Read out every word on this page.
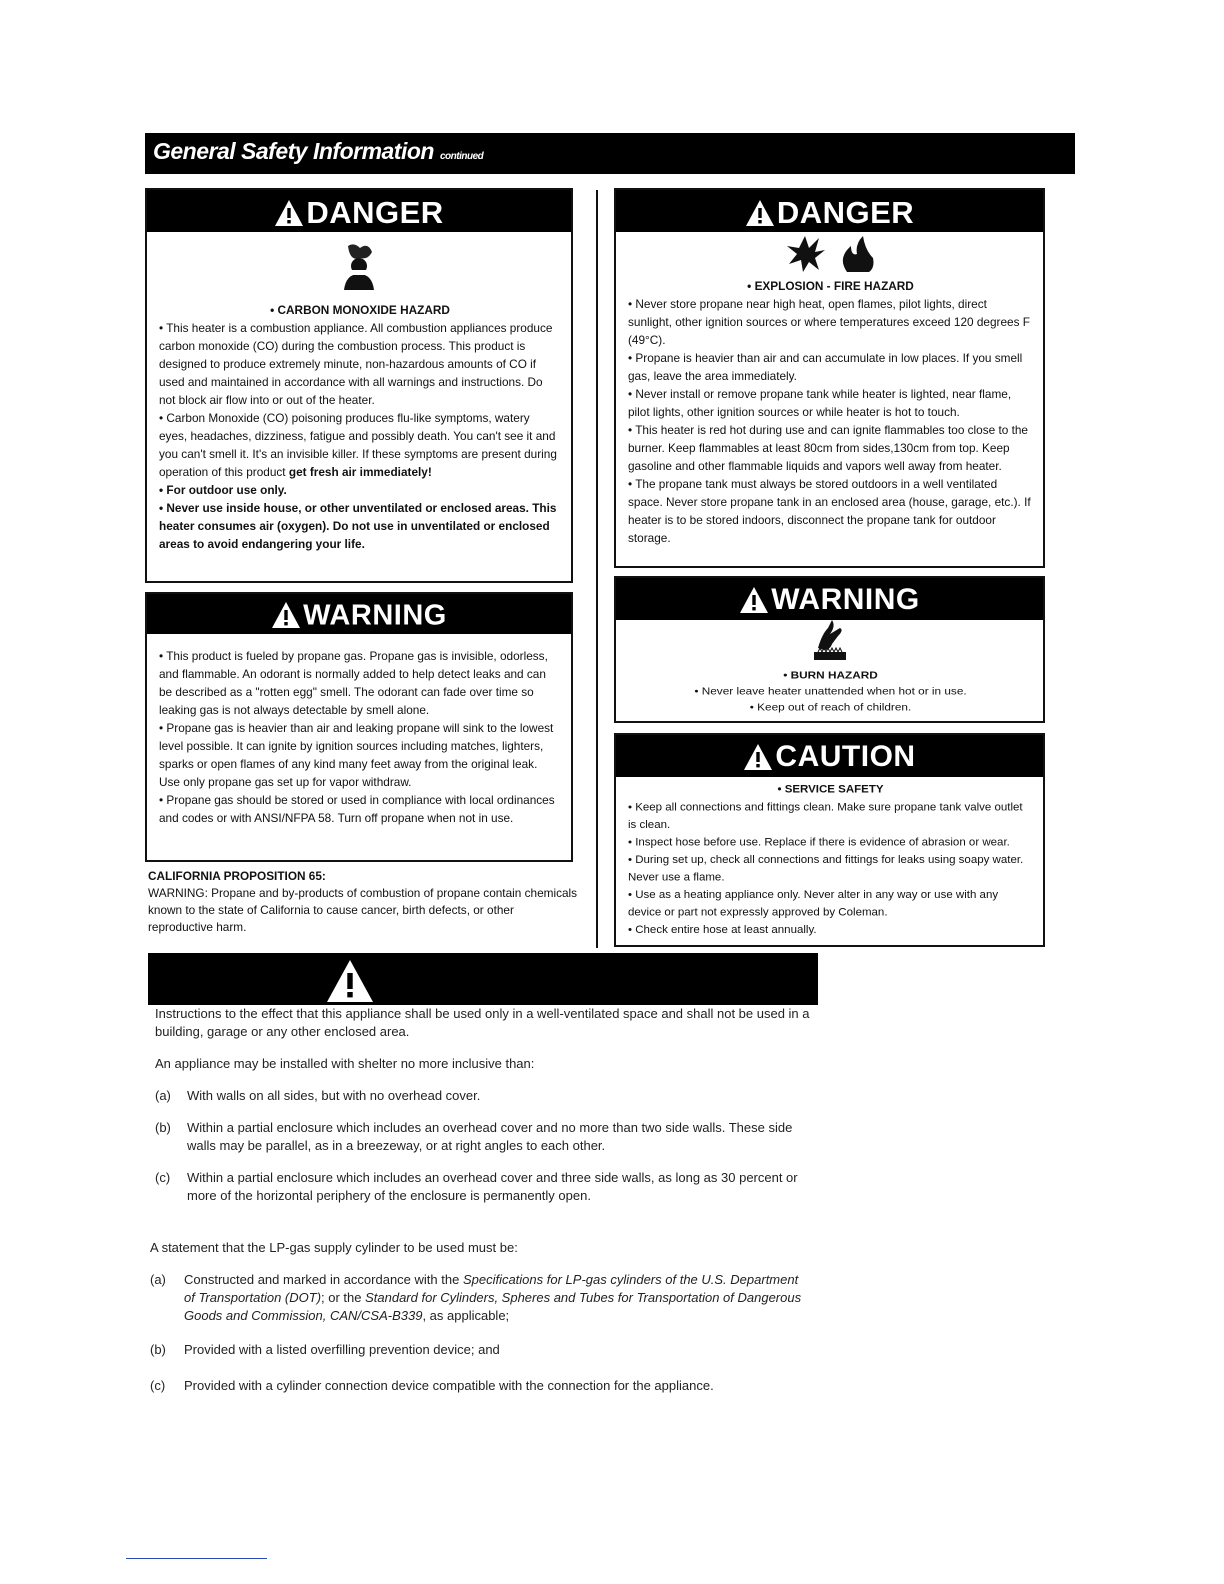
General Safety Information continued
DANGER

• CARBON MONOXIDE HAZARD

• This heater is a combustion appliance. All combustion appliances produce carbon monoxide (CO) during the combustion process. This product is designed to produce extremely minute, non-hazardous amounts of CO if used and maintained in accordance with all warnings and instructions. Do not block air flow into or out of the heater.

• Carbon Monoxide (CO) poisoning produces flu-like symptoms, watery eyes, headaches, dizziness, fatigue and possibly death. You can't see it and you can't smell it. It's an invisible killer. If these symptoms are present during operation of this product get fresh air immediately!

• For outdoor use only.

• Never use inside house, or other unventilated or enclosed areas. This heater consumes air (oxygen). Do not use in unventilated or enclosed areas to avoid endangering your life.

WARNING

• This product is fueled by propane gas. Propane gas is invisible, odorless, and flammable. An odorant is normally added to help detect leaks and can be described as a "rotten egg" smell. The odorant can fade over time so leaking gas is not always detectable by smell alone.

• Propane gas is heavier than air and leaking propane will sink to the lowest level possible. It can ignite by ignition sources including matches, lighters, sparks or open flames of any kind many feet away from the original leak. Use only propane gas set up for vapor withdraw.

• Propane gas should be stored or used in compliance with local ordinances and codes or with ANSI/NFPA 58. Turn off propane when not in use.

CALIFORNIA PROPOSITION 65:

WARNING: Propane and by-products of combustion of propane contain chemicals known to the state of California to cause cancer, birth defects, or other reproductive harm.

DANGER

• EXPLOSION - FIRE HAZARD

• Never store propane near high heat, open flames, pilot lights, direct sunlight, other ignition sources or where temperatures exceed 120 degrees F (49°C).

• Propane is heavier than air and can accumulate in low places. If you smell gas, leave the area immediately.

• Never install or remove propane tank while heater is lighted, near flame, pilot lights, other ignition sources or while heater is hot to touch.

• This heater is red hot during use and can ignite flammables too close to the burner. Keep flammables at least 80cm from sides,130cm from top. Keep gasoline and other flammable liquids and vapors well away from heater.

• The propane tank must always be stored outdoors in a well ventilated space. Never store propane tank in an enclosed area (house, garage, etc.). If heater is to be stored indoors, disconnect the propane tank for outdoor storage.

WARNING

• BURN HAZARD

• Never leave heater unattended when hot or in use.

• Keep out of reach of children.

CAUTION

• SERVICE SAFETY

• Keep all connections and fittings clean. Make sure propane tank valve outlet is clean.

• Inspect hose before use. Replace if there is evidence of abrasion or wear.

• During set up, check all connections and fittings for leaks using soapy water. Never use a flame.

• Use as a heating appliance only. Never alter in any way or use with any device or part not expressly approved by Coleman.

• Check entire hose at least annually.

Instructions to the effect that this appliance shall be used only in a well-ventilated space and shall not be used in a building, garage or any other enclosed area.

An appliance may be installed with shelter no more inclusive than:

(a)	With walls on all sides, but with no overhead cover.
(b)	Within a partial enclosure which includes an overhead cover and no more than two side walls. These side walls may be parallel, as in a breezeway, or at right angles to each other.
(c)	Within a partial enclosure which includes an overhead cover and three side walls, as long as 30 percent or more of the horizontal periphery of the enclosure is permanently open.

A statement that the LP-gas supply cylinder to be used must be:

(a)	Constructed and marked in accordance with the Specifications for LP-gas cylinders of the U.S. Department of Transportation (DOT); or the Standard for Cylinders, Spheres and Tubes for Transportation of Dangerous Goods and Commission, CAN/CSA-B339, as applicable;
(b)	Provided with a listed overfilling prevention device; and
(c)	Provided with a cylinder connection device compatible with the connection for the appliance.
